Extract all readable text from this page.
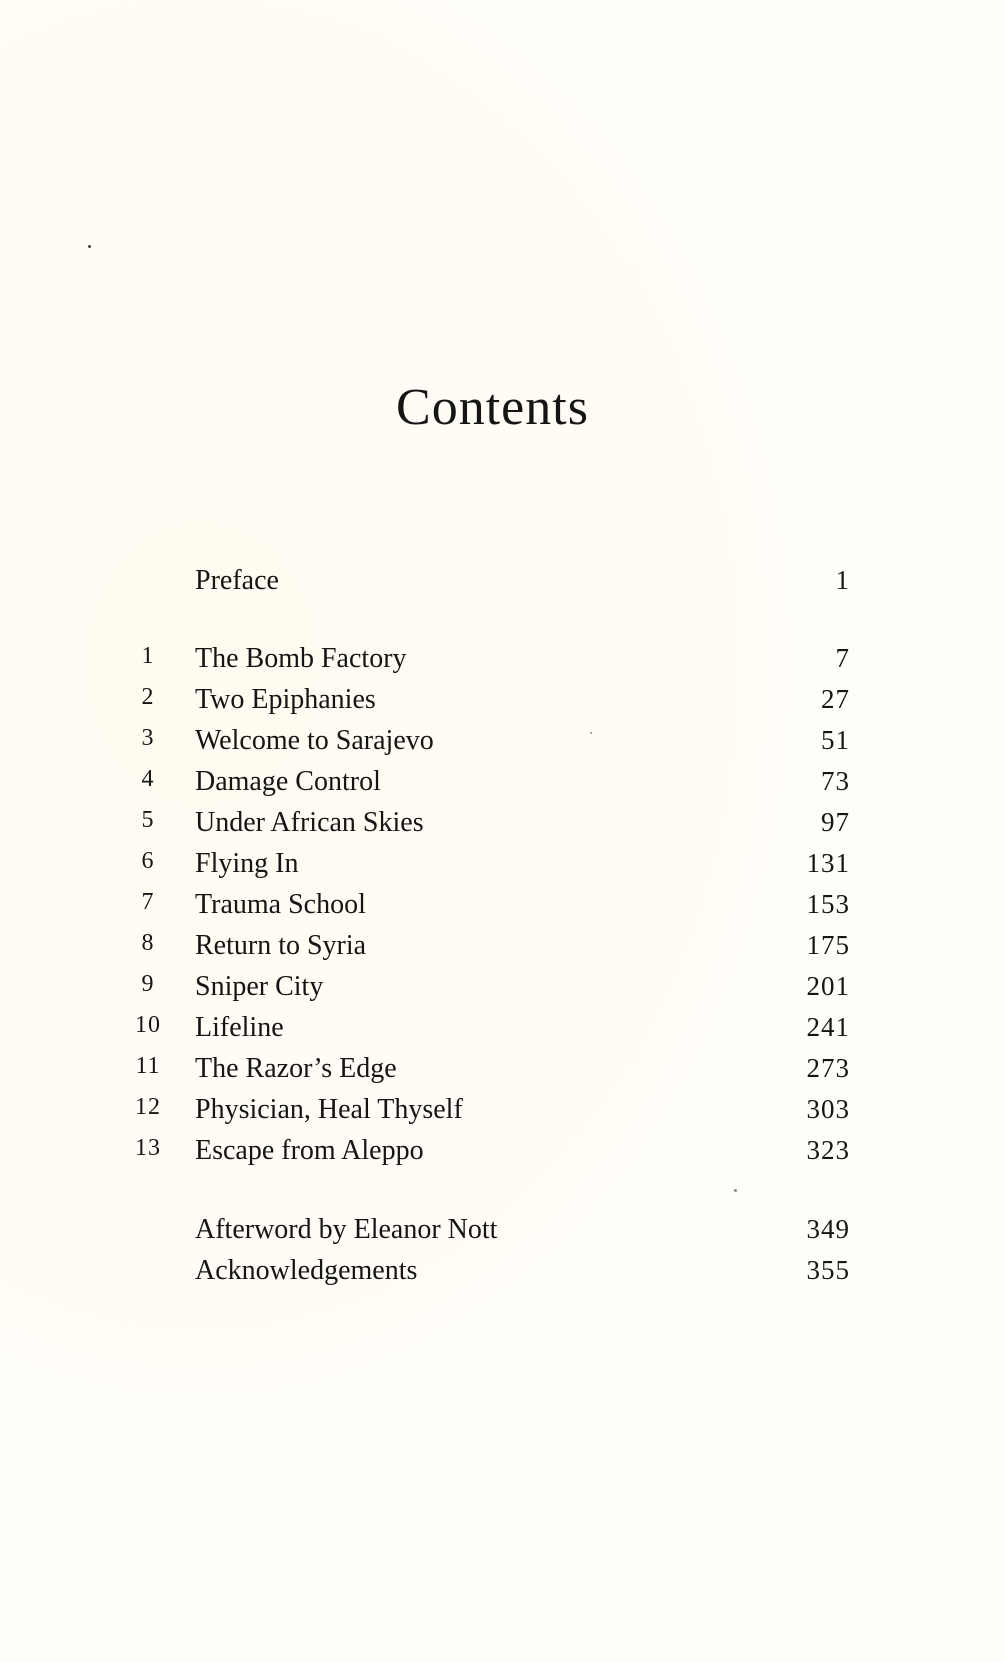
Contents
Preface	1
1	The Bomb Factory	7
2	Two Epiphanies	27
3	Welcome to Sarajevo	51
4	Damage Control	73
5	Under African Skies	97
6	Flying In	131
7	Trauma School	153
8	Return to Syria	175
9	Sniper City	201
10	Lifeline	241
11	The Razor’s Edge	273
12	Physician, Heal Thyself	303
13	Escape from Aleppo	323
Afterword by Eleanor Nott	349
Acknowledgements	355
